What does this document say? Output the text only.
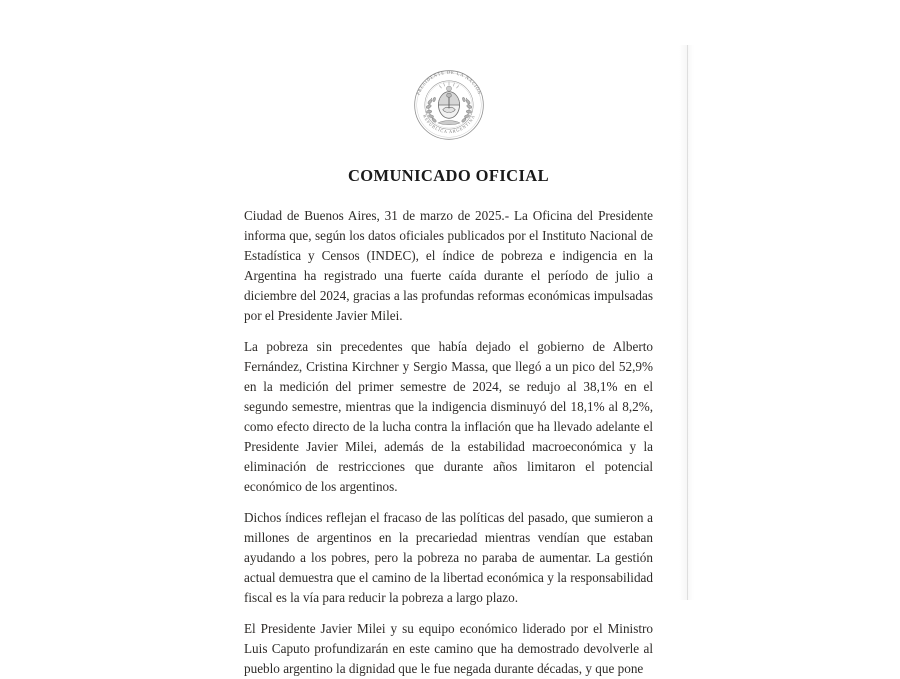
PRESIDENTE DE LA NACIÓN
REPÚBLICA ARGENTINA
COMUNICADO OFICIAL

Ciudad de Buenos Aires, 31 de marzo de 2025.- La Oficina del Presidente informa que, según los datos oficiales publicados por el Instituto Nacional de Estadística y Censos (INDEC), el índice de pobreza e indigencia en la Argentina ha registrado una fuerte caída durante el período de julio a diciembre del 2024, gracias a las profundas reformas económicas impulsadas por el Presidente Javier Milei.

La pobreza sin precedentes que había dejado el gobierno de Alberto Fernández, Cristina Kirchner y Sergio Massa, que llegó a un pico del 52,9% en la medición del primer semestre de 2024, se redujo al 38,1% en el segundo semestre, mientras que la indigencia disminuyó del 18,1% al 8,2%, como efecto directo de la lucha contra la inflación que ha llevado adelante el Presidente Javier Milei, además de la estabilidad macroeconómica y la eliminación de restricciones que durante años limitaron el potencial económico de los argentinos.

Dichos índices reflejan el fracaso de las políticas del pasado, que sumieron a millones de argentinos en la precariedad mientras vendían que estaban ayudando a los pobres, pero la pobreza no paraba de aumentar. La gestión actual demuestra que el camino de la libertad económica y la responsabilidad fiscal es la vía para reducir la pobreza a largo plazo.

El Presidente Javier Milei y su equipo económico liderado por el Ministro Luis Caputo profundizarán en este camino que ha demostrado devolverle al pueblo argentino la dignidad que le fue negada durante décadas, y que pone
